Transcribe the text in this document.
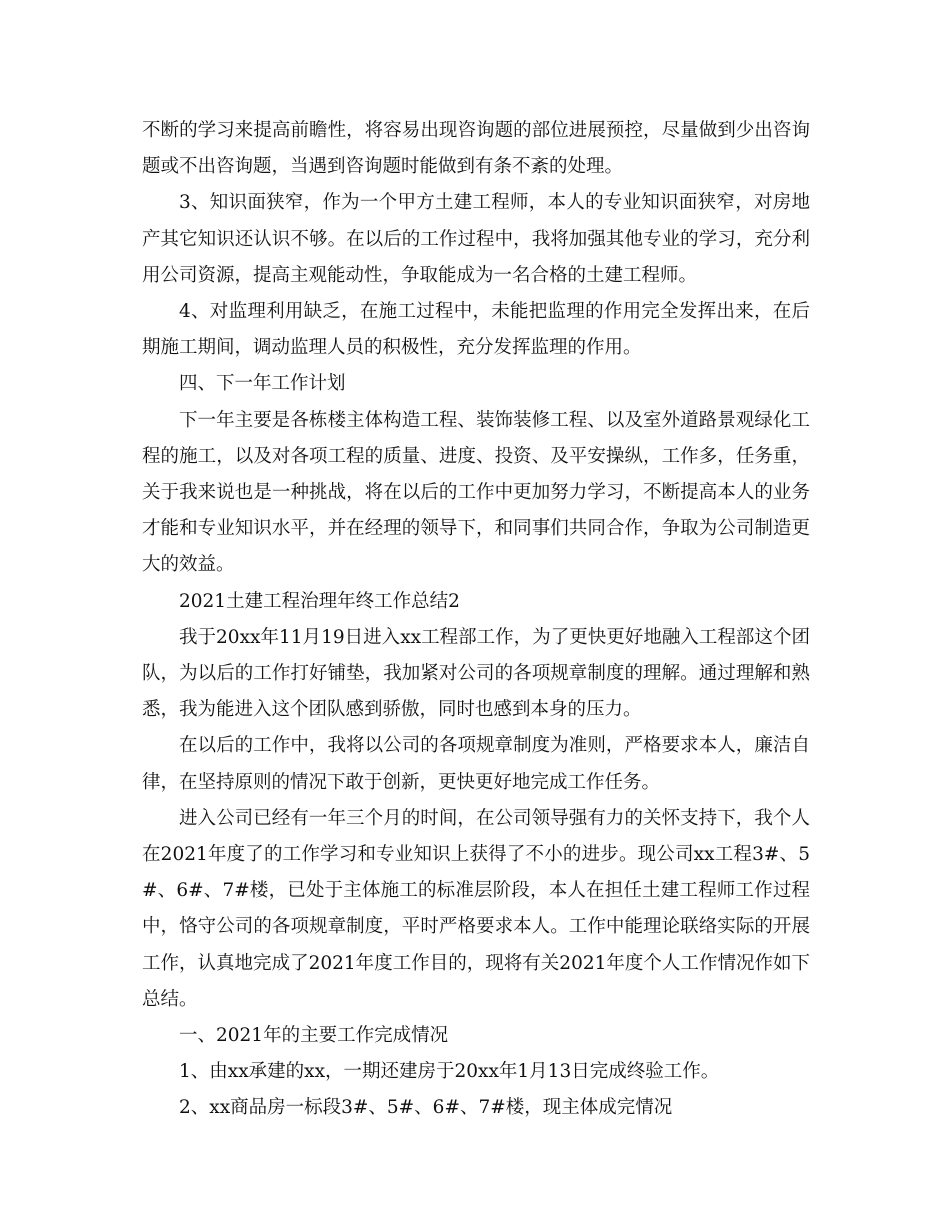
不断的学习来提高前瞻性，将容易出现咨询题的部位进展预控，尽量做到少出咨询题或不出咨询题，当遇到咨询题时能做到有条不紊的处理。

3、知识面狭窄，作为一个甲方土建工程师，本人的专业知识面狭窄，对房地产其它知识还认识不够。在以后的工作过程中，我将加强其他专业的学习，充分利用公司资源，提高主观能动性，争取能成为一名合格的土建工程师。

4、对监理利用缺乏，在施工过程中，未能把监理的作用完全发挥出来，在后期施工期间，调动监理人员的积极性，充分发挥监理的作用。

四、下一年工作计划

下一年主要是各栋楼主体构造工程、装饰装修工程、以及室外道路景观绿化工程的施工，以及对各项工程的质量、进度、投资、及平安操纵，工作多，任务重，关于我来说也是一种挑战，将在以后的工作中更加努力学习，不断提高本人的业务才能和专业知识水平，并在经理的领导下，和同事们共同合作，争取为公司制造更大的效益。

2021土建工程治理年终工作总结2

我于20xx年11月19日进入xx工程部工作，为了更快更好地融入工程部这个团队，为以后的工作打好铺垫，我加紧对公司的各项规章制度的理解。通过理解和熟悉，我为能进入这个团队感到骄傲，同时也感到本身的压力。

在以后的工作中，我将以公司的各项规章制度为准则，严格要求本人，廉洁自律，在坚持原则的情况下敢于创新，更快更好地完成工作任务。

进入公司已经有一年三个月的时间，在公司领导强有力的关怀支持下，我个人在2021年度了的工作学习和专业知识上获得了不小的进步。现公司xx工程3#、5#、6#、7#楼，已处于主体施工的标准层阶段，本人在担任土建工程师工作过程中，恪守公司的各项规章制度，平时严格要求本人。工作中能理论联络实际的开展工作，认真地完成了2021年度工作目的，现将有关2021年度个人工作情况作如下总结。

一、2021年的主要工作完成情况

1、由xx承建的xx，一期还建房于20xx年1月13日完成终验工作。

2、xx商品房一标段3#、5#、6#、7#楼，现主体成完情况
